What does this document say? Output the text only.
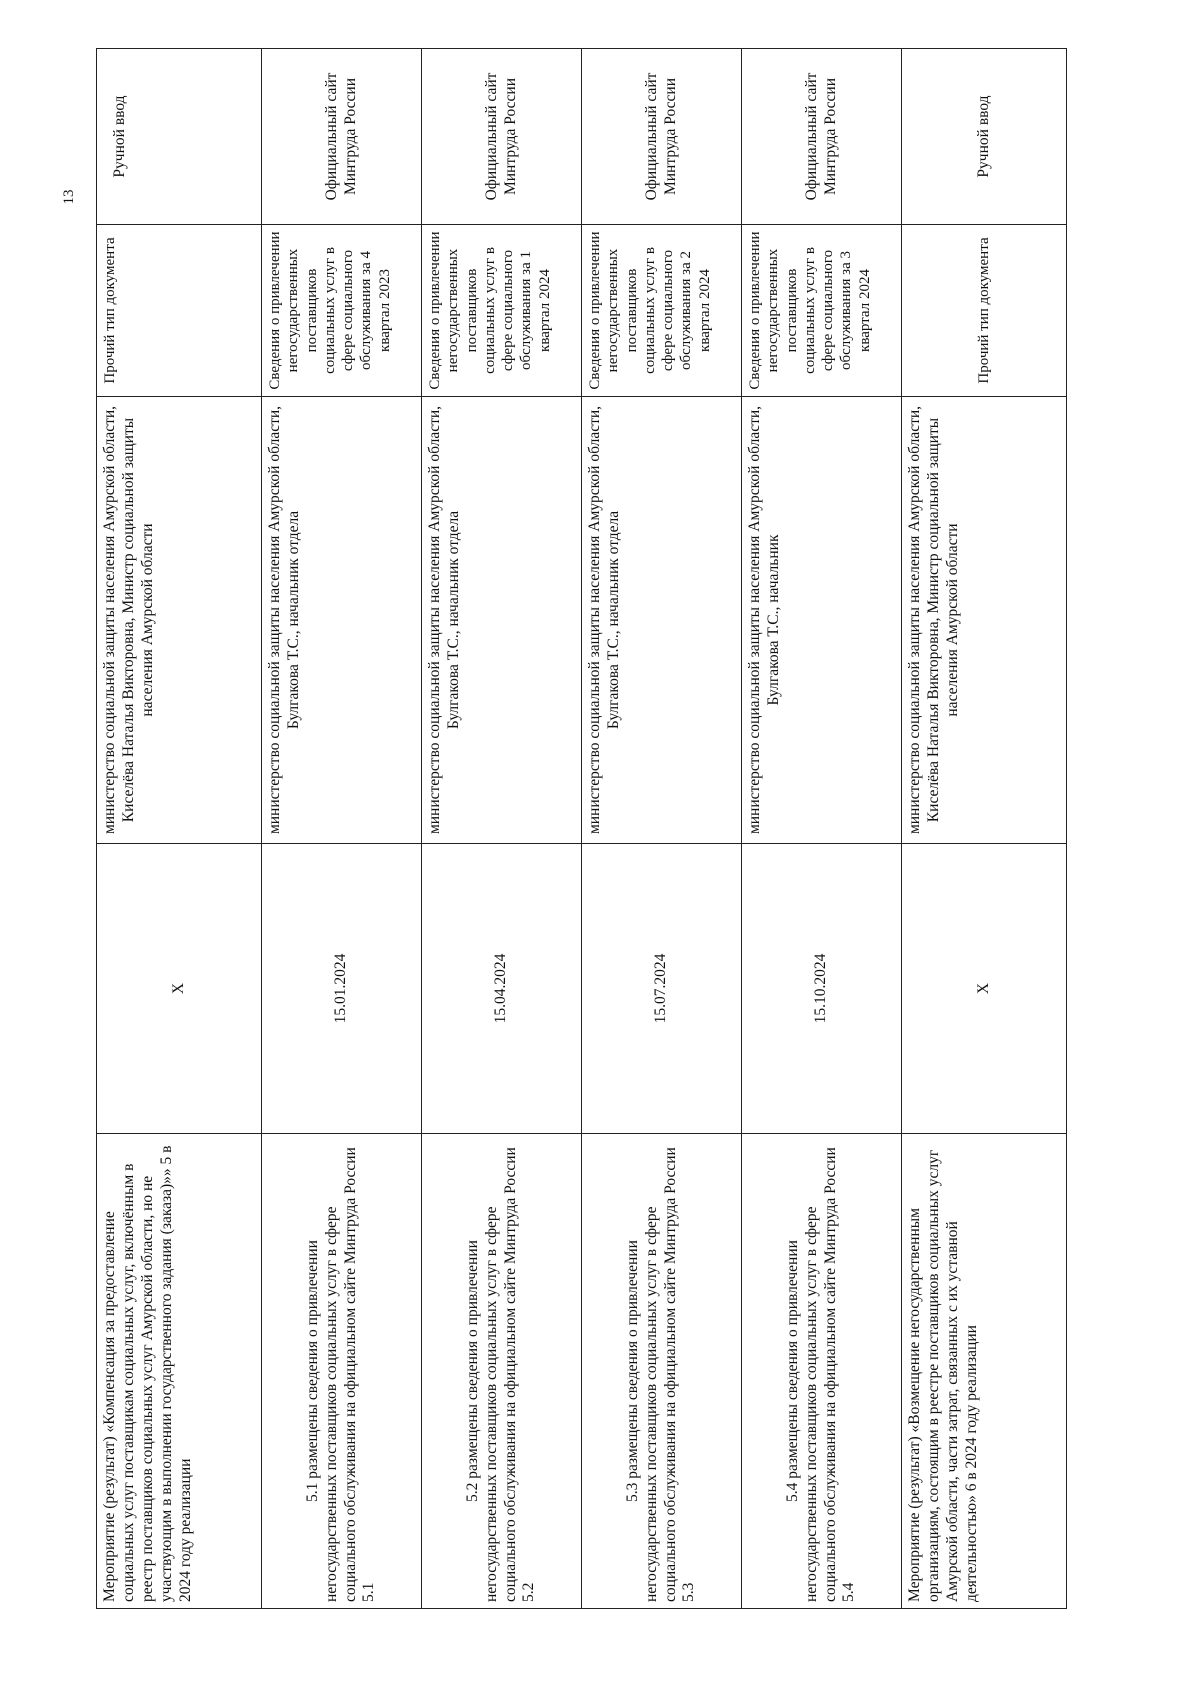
13
Мероприятие (результат) «Компенсация за предоставление социальных услуг поставщикам социальных услуг, включённым в реестр поставщиков социальных услуг Амурской области, но не участвующим в выполнении государственного задания (заказа)»» 5 в 2024 году реализации	X	министерство социальной защиты населения Амурской области, Киселёва Наталья Викторовна, Министр социальной защиты населения Амурской области	Прочий тип документа	Ручной ввод

5.1 размещены сведения о привлечении негосударственных поставщиков социальных услуг в сфере социального обслуживания на официальном сайте Минтруда России 5.1	15.01.2024	министерство социальной защиты населения Амурской области, Булгакова Т.С., начальник отдела	Сведения о привлечении негосударственных поставщиков социальных услуг в сфере социального обслуживания за 4 квартал 2023	Официальный сайт Минтруда России

5.2 размещены сведения о привлечении негосударственных поставщиков социальных услуг в сфере социального обслуживания на официальном сайте Минтруда России 5.2	15.04.2024	министерство социальной защиты населения Амурской области, Булгакова Т.С., начальник отдела	Сведения о привлечении негосударственных поставщиков социальных услуг в сфере социального обслуживания за 1 квартал 2024	Официальный сайт Минтруда России

5.3 размещены сведения о привлечении негосударственных поставщиков социальных услуг в сфере социального обслуживания на официальном сайте Минтруда России 5.3	15.07.2024	министерство социальной защиты населения Амурской области, Булгакова Т.С., начальник отдела	Сведения о привлечении негосударственных поставщиков социальных услуг в сфере социального обслуживания за 2 квартал 2024	Официальный сайт Минтруда России

5.4 размещены сведения о привлечении негосударственных поставщиков социальных услуг в сфере социального обслуживания на официальном сайте Минтруда России 5.4	15.10.2024	министерство социальной защиты населения Амурской области, Булгакова Т.С., начальник	Сведения о привлечении негосударственных поставщиков социальных услуг в сфере социального обслуживания за 3 квартал 2024	Официальный сайт Минтруда России
Мероприятие (результат) «Возмещение негосударственным организациям, состоящим в реестре поставщиков социальных услуг Амурской области, части затрат, связанных с их уставной деятельностью» 6 в 2024 году реализации	X	министерство социальной защиты населения Амурской области, Киселёва Наталья Викторовна, Министр социальной защиты населения Амурской области	Прочий тип документа	Ручной ввод
